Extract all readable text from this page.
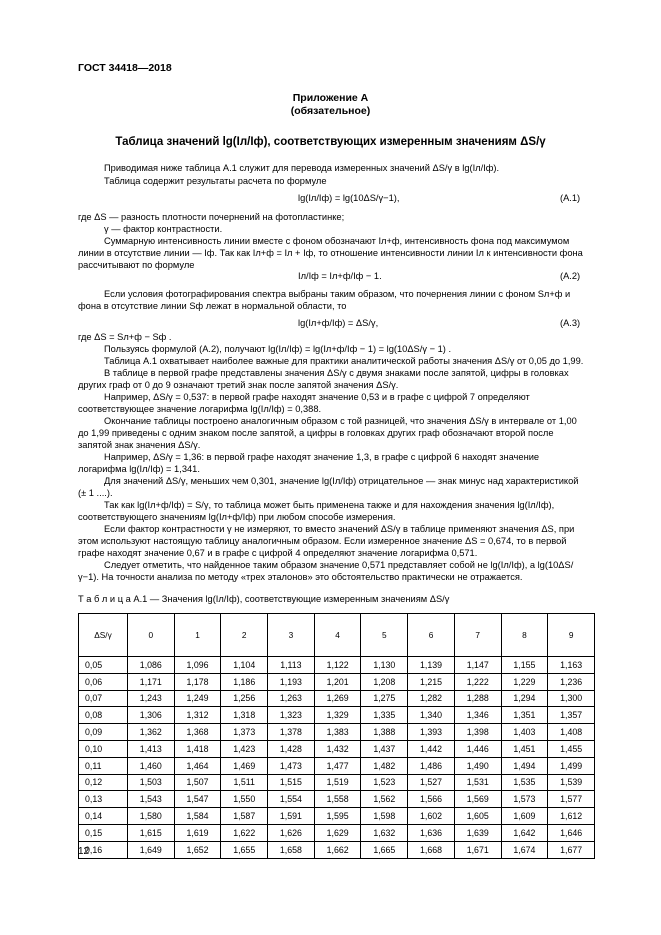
ГОСТ 34418—2018
Приложение А
(обязательное)
Таблица значений lg(Iл/Iф), соответствующих измеренным значениям ΔS/γ
Приводимая ниже таблица А.1 служит для перевода измеренных значений ΔS/γ в lg(Iл/Iф).
Таблица содержит результаты расчета по формуле
lg(Iл/Iф) = lg(10ΔS/γ−1),	(А.1)
где ΔS — разность плотности почернений на фотопластинке;
γ — фактор контрастности.
Суммарную интенсивность линии вместе с фоном обозначают Iл+ф, интенсивность фона под максимумом линии в отсутствие линии — Iф. Так как Iл+ф = Iл + Iф, то отношение интенсивности линии Iл к интенсивности фона рассчитывают по формуле
Iл/Iф = Iл+ф/Iф − 1.	(А.2)
Если условия фотографирования спектра выбраны таким образом, что почернения линии с фоном Sл+ф и фона в отсутствие линии Sф лежат в нормальной области, то
lg(Iл+ф/Iф) = ΔS/γ,	(А.3)
где ΔS = Sл+ф − Sф .
Пользуясь формулой (А.2), получают lg(Iл/Iф) = lg(Iл+ф/Iф − 1) = lg(10ΔS/γ − 1) .
Таблица А.1 охватывает наиболее важные для практики аналитической работы значения ΔS/γ от 0,05 до 1,99.
В таблице в первой графе представлены значения ΔS/γ с двумя знаками после запятой, цифры в головках других граф от 0 до 9 означают третий знак после запятой значения ΔS/γ.
Например, ΔS/γ = 0,537: в первой графе находят значение 0,53 и в графе с цифрой 7 определяют соответствующее значение логарифма lg(Iл/Iф) = 0,388.
Окончание таблицы построено аналогичным образом с той разницей, что значения ΔS/γ в интервале от 1,00 до 1,99 приведены с одним знаком после запятой, а цифры в головках других граф обозначают второй после запятой знак значения ΔS/γ.
Например, ΔS/γ = 1,36: в первой графе находят значение 1,3, в графе с цифрой 6 находят значение логарифма lg(Iл/Iф) = 1,341.
Для значений ΔS/γ, меньших чем 0,301, значение lg(Iл/Iф) отрицательное — знак минус над характеристикой (± 1 ....).
Так как lg(Iл+ф/Iф) = S/γ, то таблица может быть применена также и для нахождения значения lg(Iл/Iф), соответствующего значениям lg(Iл+ф/Iф) при любом способе измерения.
Если фактор контрастности γ не измеряют, то вместо значений ΔS/γ в таблице применяют значения ΔS, при этом используют настоящую таблицу аналогичным образом. Если измеренное значение ΔS = 0,674, то в первой графе находят значение 0,67 и в графе с цифрой 4 определяют значение логарифма 0,571.
Следует отметить, что найденное таким образом значение 0,571 представляет собой не lg(Iл/Iф), а lg(10ΔS/γ−1). На точности анализа по методу «трех эталонов» это обстоятельство практически не отражается.
Т а б л и ц а А.1 — Значения lg(Iл/Iф), соответствующие измеренным значениям ΔS/γ
ΔS/γ	0	1	2	3	4	5	6	7	8	9
0,05	1,086	1,096	1,104	1,113	1,122	1,130	1,139	1,147	1,155	1,163
0,06	1,171	1,178	1,186	1,193	1,201	1,208	1,215	1,222	1,229	1,236
0,07	1,243	1,249	1,256	1,263	1,269	1,275	1,282	1,288	1,294	1,300
0,08	1,306	1,312	1,318	1,323	1,329	1,335	1,340	1,346	1,351	1,357
0,09	1,362	1,368	1,373	1,378	1,383	1,388	1,393	1,398	1,403	1,408
0,10	1,413	1,418	1,423	1,428	1,432	1,437	1,442	1,446	1,451	1,455
0,11	1,460	1,464	1,469	1,473	1,477	1,482	1,486	1,490	1,494	1,499
0,12	1,503	1,507	1,511	1,515	1,519	1,523	1,527	1,531	1,535	1,539
0,13	1,543	1,547	1,550	1,554	1,558	1,562	1,566	1,569	1,573	1,577
0,14	1,580	1,584	1,587	1,591	1,595	1,598	1,602	1,605	1,609	1,612
0,15	1,615	1,619	1,622	1,626	1,629	1,632	1,636	1,639	1,642	1,646
0,16	1,649	1,652	1,655	1,658	1,662	1,665	1,668	1,671	1,674	1,677
12
